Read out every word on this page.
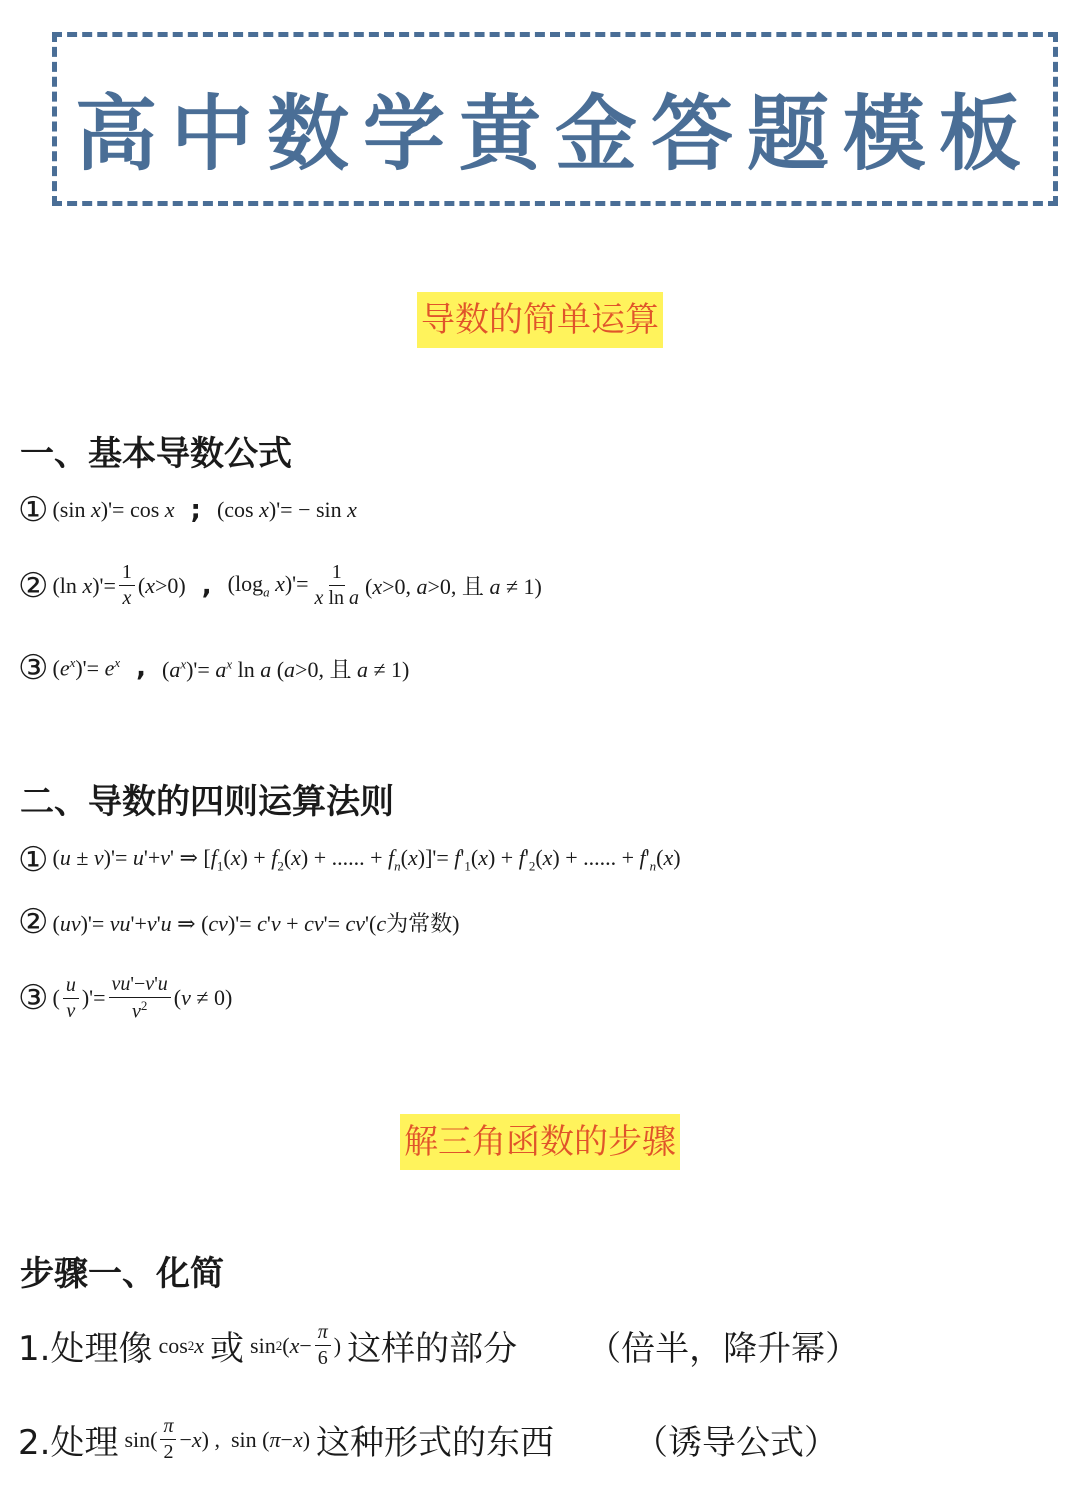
高中数学黄金答题模板
导数的简单运算
一、基本导数公式
① (sin x)'= cos x ; (cos x)'= − sin x
② (ln $x)'= \frac{1}{x} (x>0)$ , ($\log_a$ $x)'= \frac{1}{\text{x ln a}} (x>0$, a>0, 且 a ≠ 1)
③ $(e^x)'= e^x$ , $(a^x)'= a^x$ ln a (a>0, 且 a ≠ 1)
二、导数的四则运算法则
① (u ± v)'= u'+v' ⇒ [$f_1(x) + f_2(x)$ + ...... + $f_n(x)]'= f'_1(x) + f'_2(x)$ + ...... + $f'_n(x)$
② (uv)'= vu'+v'u ⇒ (cv)'= c'v + cv'= cv'(c为常数)
③ ( $\frac{u}{v}$ )'= $\frac{vu'-v'u}{v^2} (v \ne 0)$
解三角函数的步骤
步骤一、化简
1.处理像 cos 2 x 或 sin 2 ( $x - \frac{\pi}{6}$ ) 这样的部分 （倍半，降升幂）
2.处理 $\sin( \frac{\pi}{2} - x$ ) ,  sin ( π − x ) 这种形式的东西 （诱导公式）
